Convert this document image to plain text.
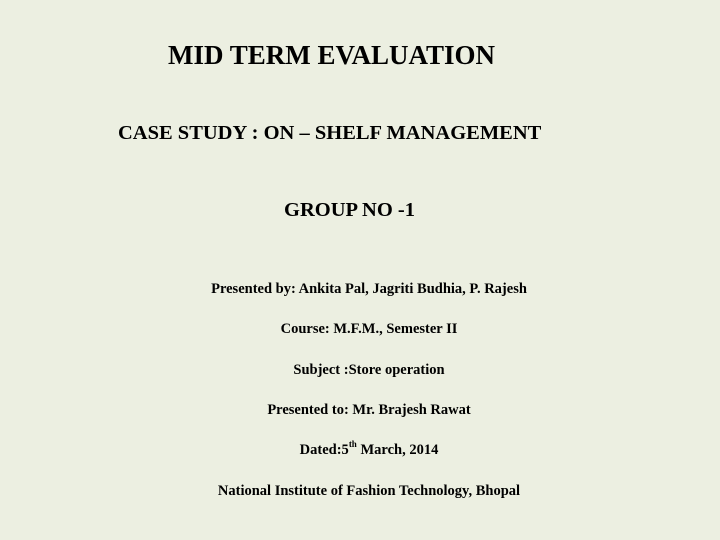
MID TERM EVALUATION
CASE STUDY : ON – SHELF MANAGEMENT
GROUP NO -1
Presented by: Ankita Pal, Jagriti Budhia, P. Rajesh
Course: M.F.M., Semester II
Subject :Store operation
Presented to: Mr. Brajesh Rawat
Dated:5th March, 2014
National Institute of Fashion Technology, Bhopal
